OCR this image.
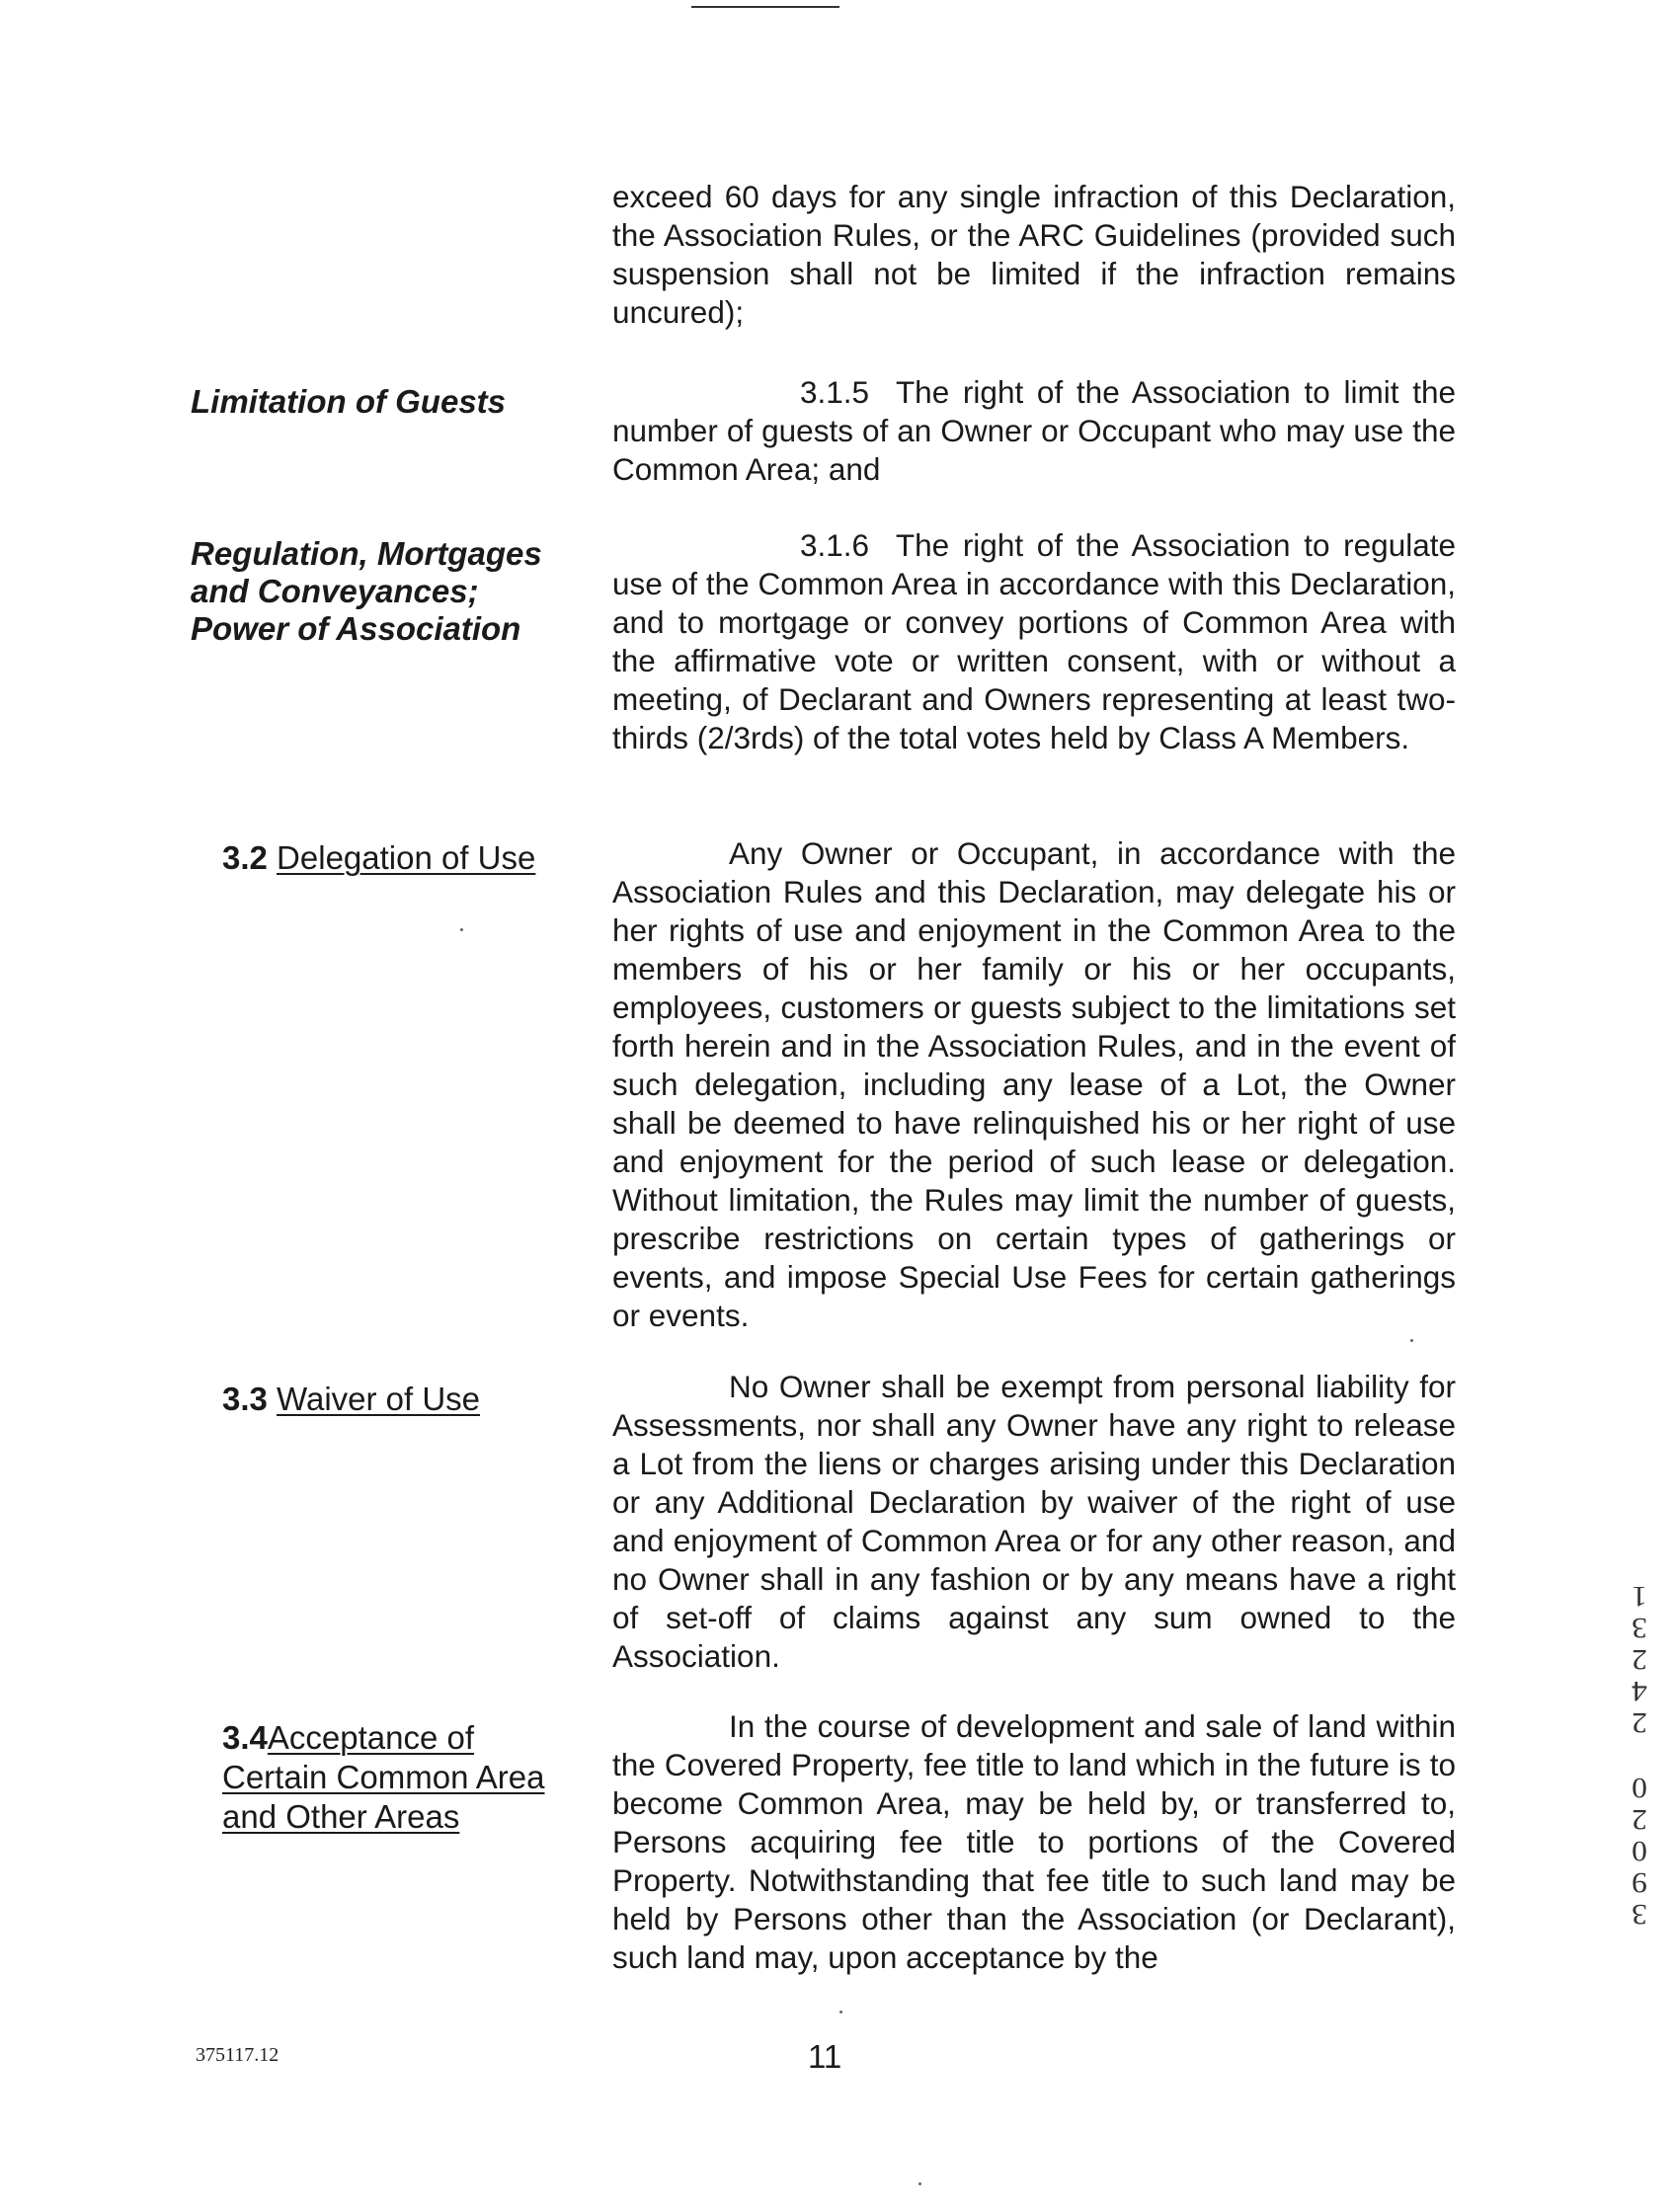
exceed 60 days for any single infraction of this Declaration, the Association Rules, or the ARC Guidelines (provided such suspension shall not be limited if the infraction remains uncured);
Limitation of Guests	3.1.5 The right of the Association to limit the number of guests of an Owner or Occupant who may use the Common Area; and
Regulation, Mortgages
and Conveyances;
Power of Association
3.1.6 The right of the Association to regulate use of the Common Area in accordance with this Declaration, and to mortgage or convey portions of Common Area with the affirmative vote or written consent, with or without a meeting, of Declarant and Owners representing at least two-thirds (2/3rds) of the total votes held by Class A Members.
3.2 Delegation of Use	Any Owner or Occupant, in accordance with the Association Rules and this Declaration, may delegate his or her rights of use and enjoyment in the Common Area to the members of his or her family or his or her occupants, employees, customers or guests subject to the limitations set forth herein and in the Association Rules, and in the event of such delegation, including any lease of a Lot, the Owner shall be deemed to have relinquished his or her right of use and enjoyment for the period of such lease or delegation. Without limitation, the Rules may limit the number of guests, prescribe restrictions on certain types of gatherings or events, and impose Special Use Fees for certain gatherings or events.
3.3 Waiver of Use	No Owner shall be exempt from personal liability for Assessments, nor shall any Owner have any right to release a Lot from the liens or charges arising under this Declaration or any Additional Declaration by waiver of the right of use and enjoyment of Common Area or for any other reason, and no Owner shall in any fashion or by any means have a right of set-off of claims against any sum owned to the Association.
3.4Acceptance of
Certain Common Area
and Other Areas
In the course of development and sale of land within the Covered Property, fee title to land which in the future is to become Common Area, may be held by, or transferred to, Persons acquiring fee title to portions of the Covered Property. Notwithstanding that fee title to such land may be held by Persons other than the Association (or Declarant), such land may, upon acceptance by the
375117.12	11
1
3
2
4
2
0
2
0
9
3
